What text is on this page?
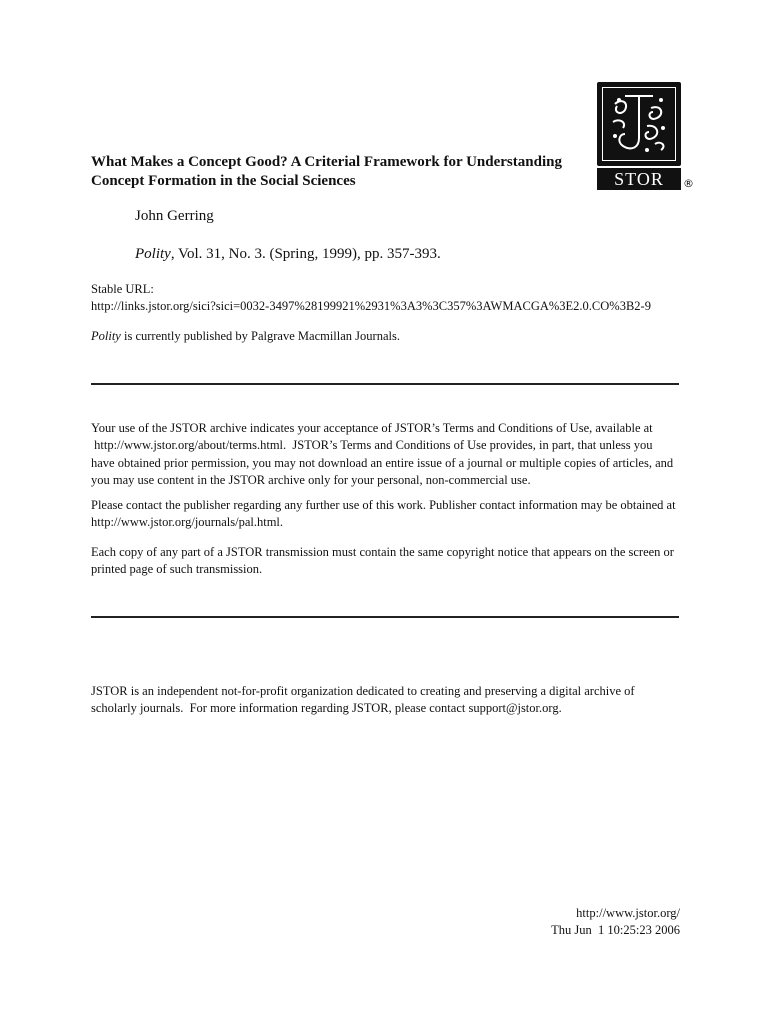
What Makes a Concept Good? A Criterial Framework for Understanding
Concept Formation in the Social Sciences	STOR	®
John Gerring
Polity, Vol. 31, No. 3. (Spring, 1999), pp. 357-393.
Stable URL:
http://links.jstor.org/sici?sici=0032-3497%28199921%2931%3A3%3C357%3AWMACGA%3E2.0.CO%3B2-9
Polity is currently published by Palgrave Macmillan Journals.
Your use of the JSTOR archive indicates your acceptance of JSTOR’s Terms and Conditions of Use, available at
http://www.jstor.org/about/terms.html.  JSTOR’s Terms and Conditions of Use provides, in part, that unless you
have obtained prior permission, you may not download an entire issue of a journal or multiple copies of articles, and
you may use content in the JSTOR archive only for your personal, non-commercial use.
Please contact the publisher regarding any further use of this work. Publisher contact information may be obtained at
http://www.jstor.org/journals/pal.html.
Each copy of any part of a JSTOR transmission must contain the same copyright notice that appears on the screen or
printed page of such transmission.
JSTOR is an independent not-for-profit organization dedicated to creating and preserving a digital archive of
scholarly journals.  For more information regarding JSTOR, please contact support@jstor.org.
http://www.jstor.org/
Thu Jun  1 10:25:23 2006
